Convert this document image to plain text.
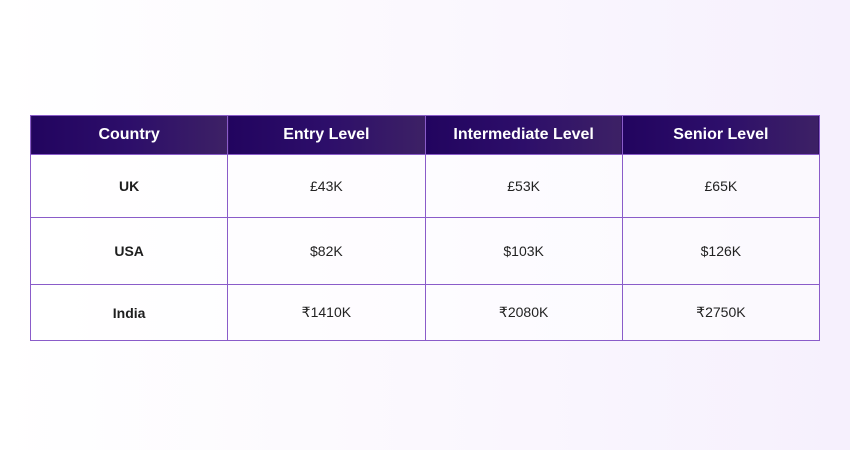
Country	Entry Level	Intermediate Level	Senior Level
UK	£43K	£53K	£65K
USA	$82K	$103K	$126K
India	₹1410K	₹2080K	₹2750K
